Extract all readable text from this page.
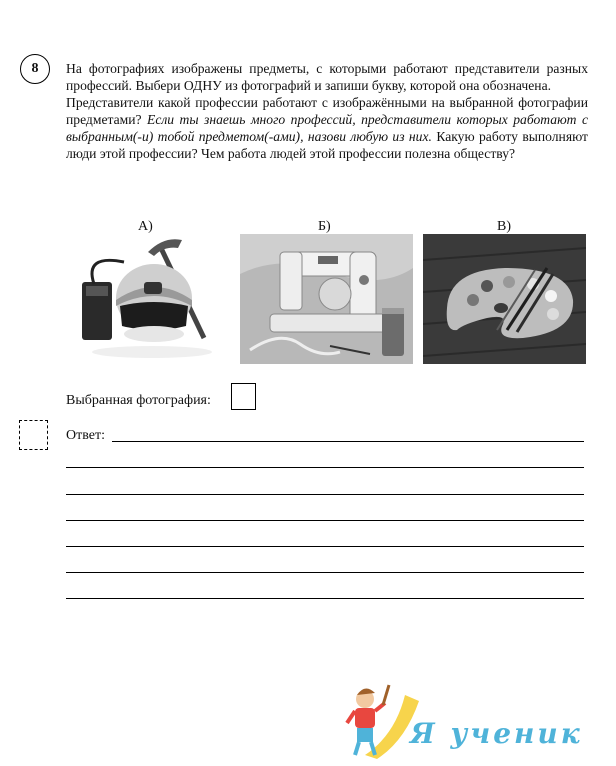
8	На фотографиях изображены предметы, с которыми работают представители разных профессий. Выбери ОДНУ из фотографий и запиши букву, которой она обозначена.

Представители какой профессии работают с изображёнными на выбранной фотографии предметами? Если ты знаешь много профессий, представители которых работают с выбранным(-и) тобой предметом(-ами), назови любую из них. Какую работу выполняют люди этой профессии? Чем работа людей этой профессии полезна обществу?

А)	Б)	В)
Выбранная фотография:
Ответ:
Я ученик
